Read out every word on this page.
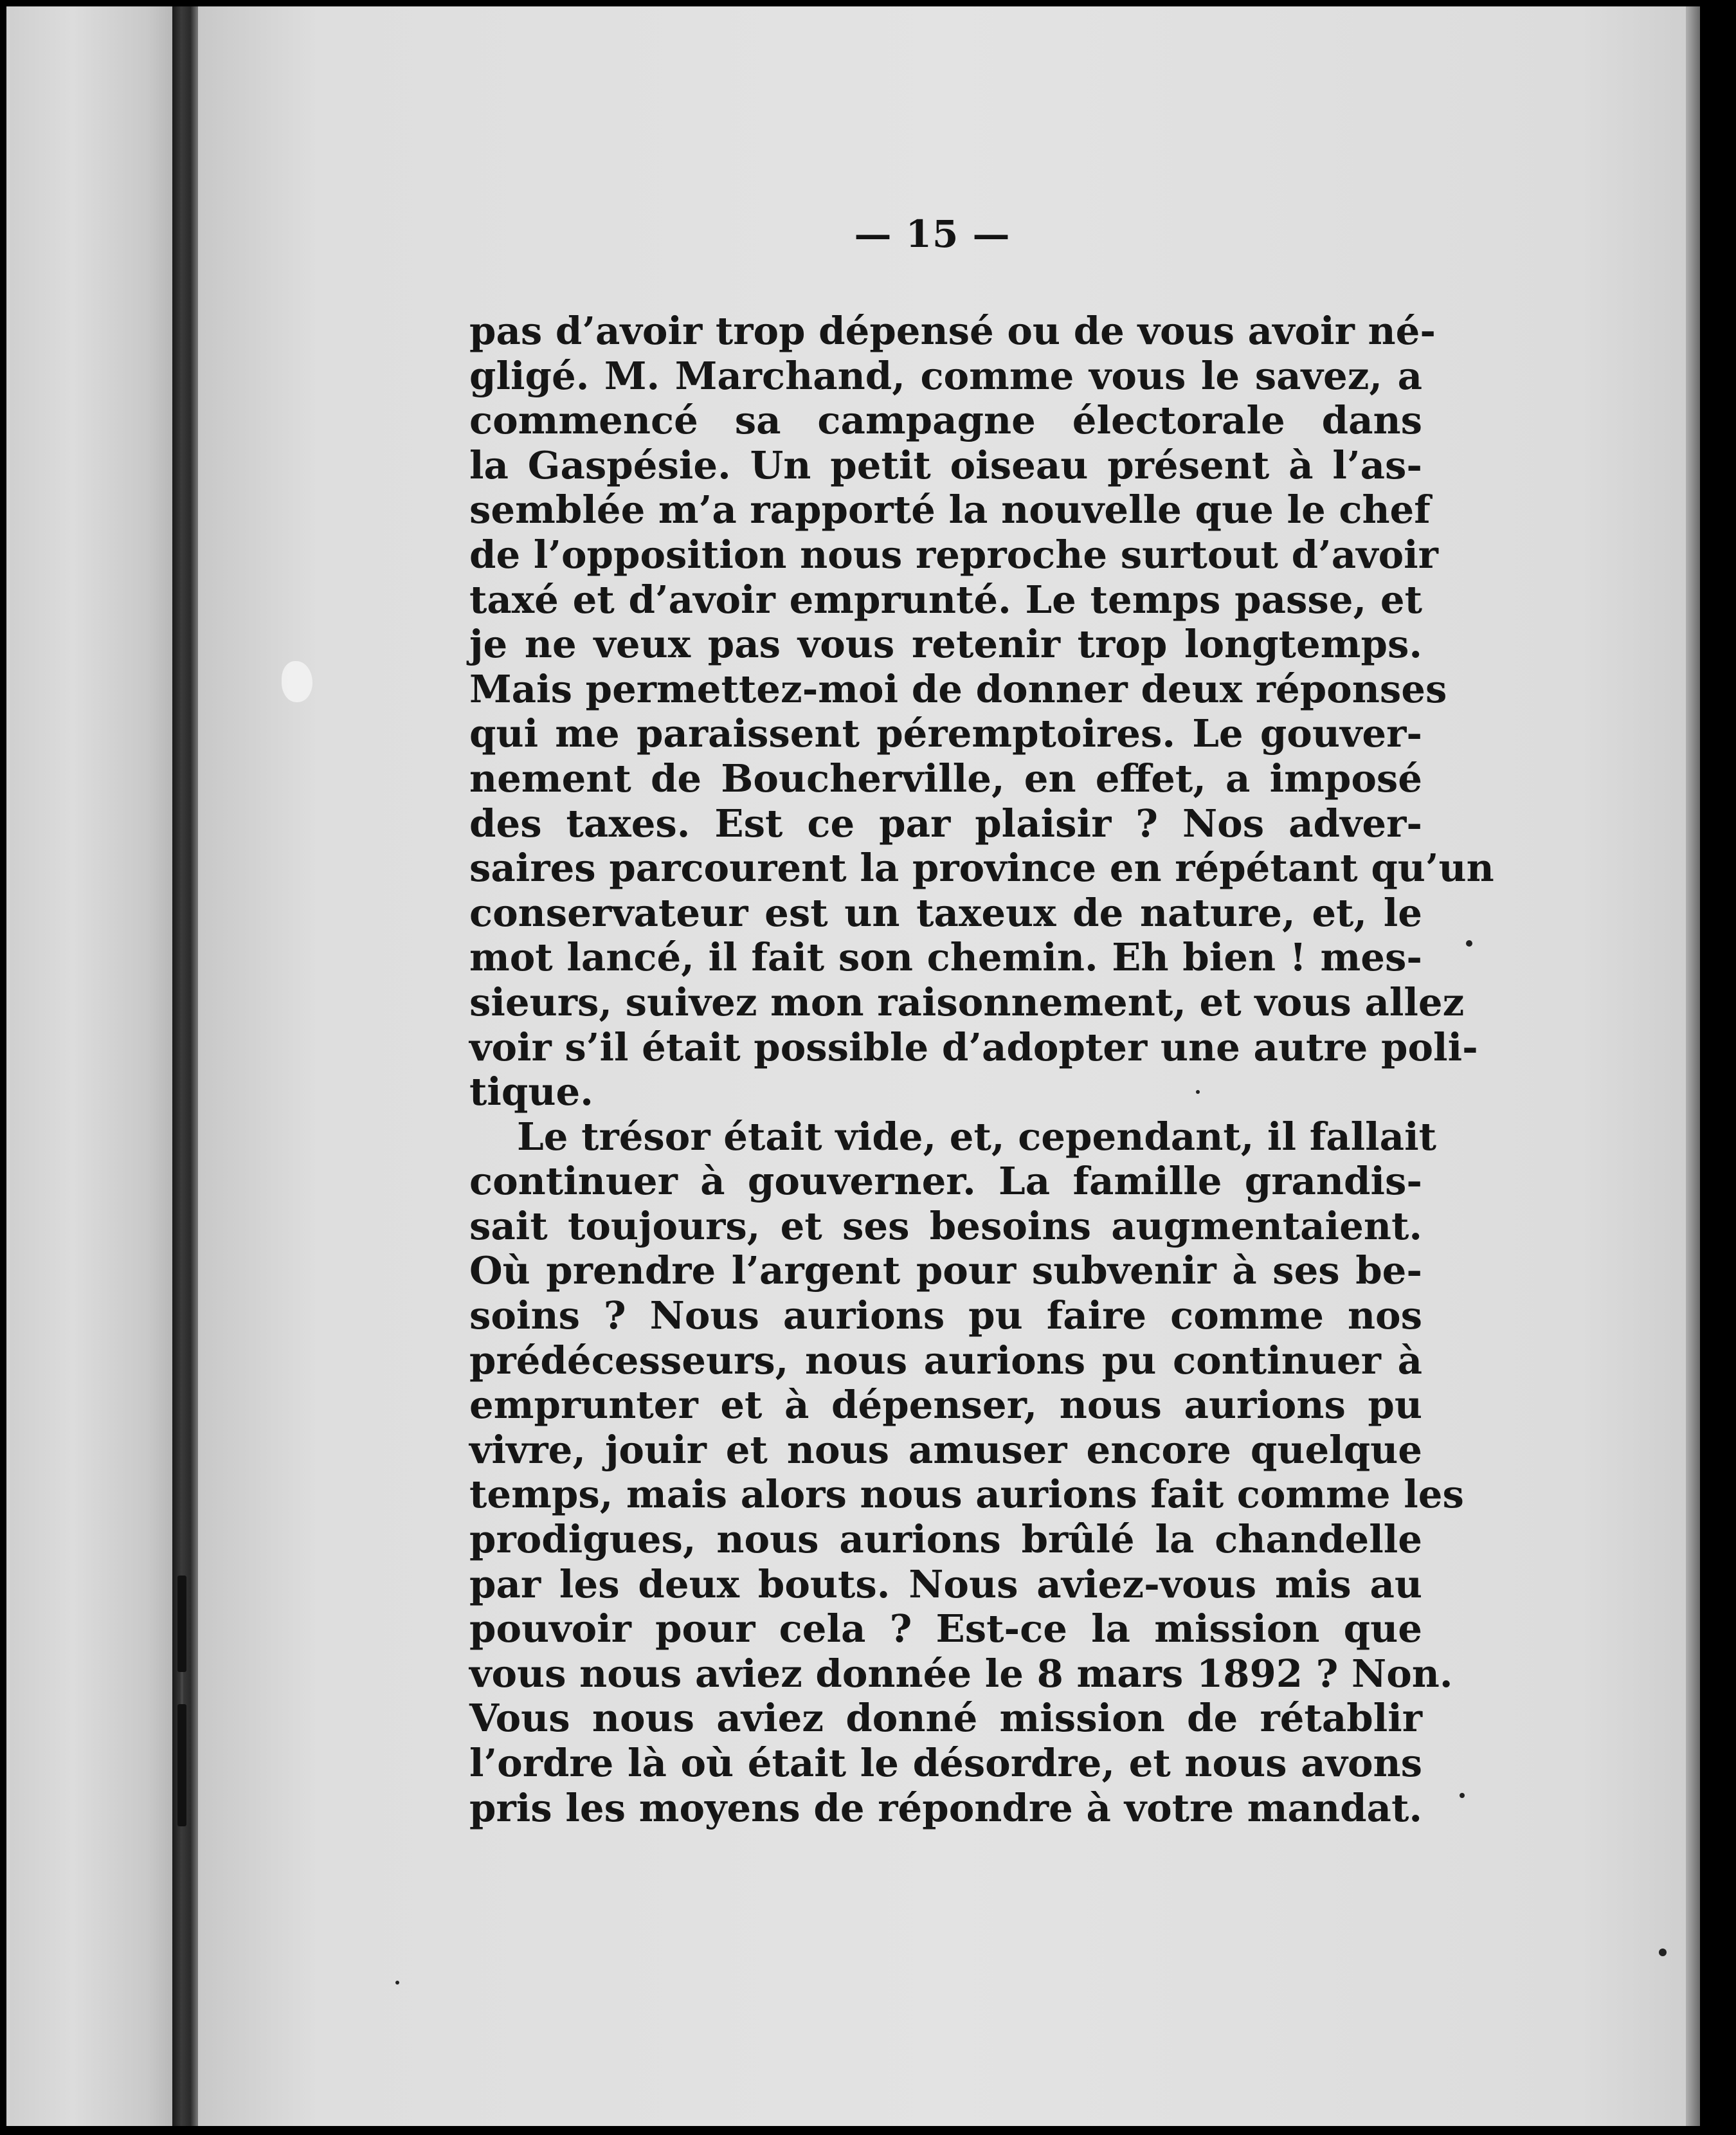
— 15 —
pas d’avoir trop dépensé ou de vous avoir né-
gligé. M. Marchand, comme vous le savez, a
commencé sa campagne électorale dans
la Gaspésie. Un petit oiseau présent à l’as-
semblée m’a rapporté la nouvelle que le chef
de l’opposition nous reproche surtout d’avoir
taxé et d’avoir emprunté. Le temps passe, et
je ne veux pas vous retenir trop longtemps.
Mais permettez-moi de donner deux réponses
qui me paraissent péremptoires. Le gouver-
nement de Boucherville, en effet, a imposé
des taxes. Est ce par plaisir ? Nos adver-
saires parcourent la province en répétant qu’un
conservateur est un taxeux de nature, et, le
mot lancé, il fait son chemin. Eh bien ! mes-
sieurs, suivez mon raisonnement, et vous allez
voir s’il était possible d’adopter une autre poli-
tique.
Le trésor était vide, et, cependant, il fallait
continuer à gouverner. La famille grandis-
sait toujours, et ses besoins augmentaient.
Où prendre l’argent pour subvenir à ses be-
soins ? Nous aurions pu faire comme nos
prédécesseurs, nous aurions pu continuer à
emprunter et à dépenser, nous aurions pu
vivre, jouir et nous amuser encore quelque
temps, mais alors nous aurions fait comme les
prodigues, nous aurions brûlé la chandelle
par les deux bouts. Nous aviez-vous mis au
pouvoir pour cela ? Est-ce la mission que
vous nous aviez donnée le 8 mars 1892 ? Non.
Vous nous aviez donné mission de rétablir
l’ordre là où était le désordre, et nous avons
pris les moyens de répondre à votre mandat.
